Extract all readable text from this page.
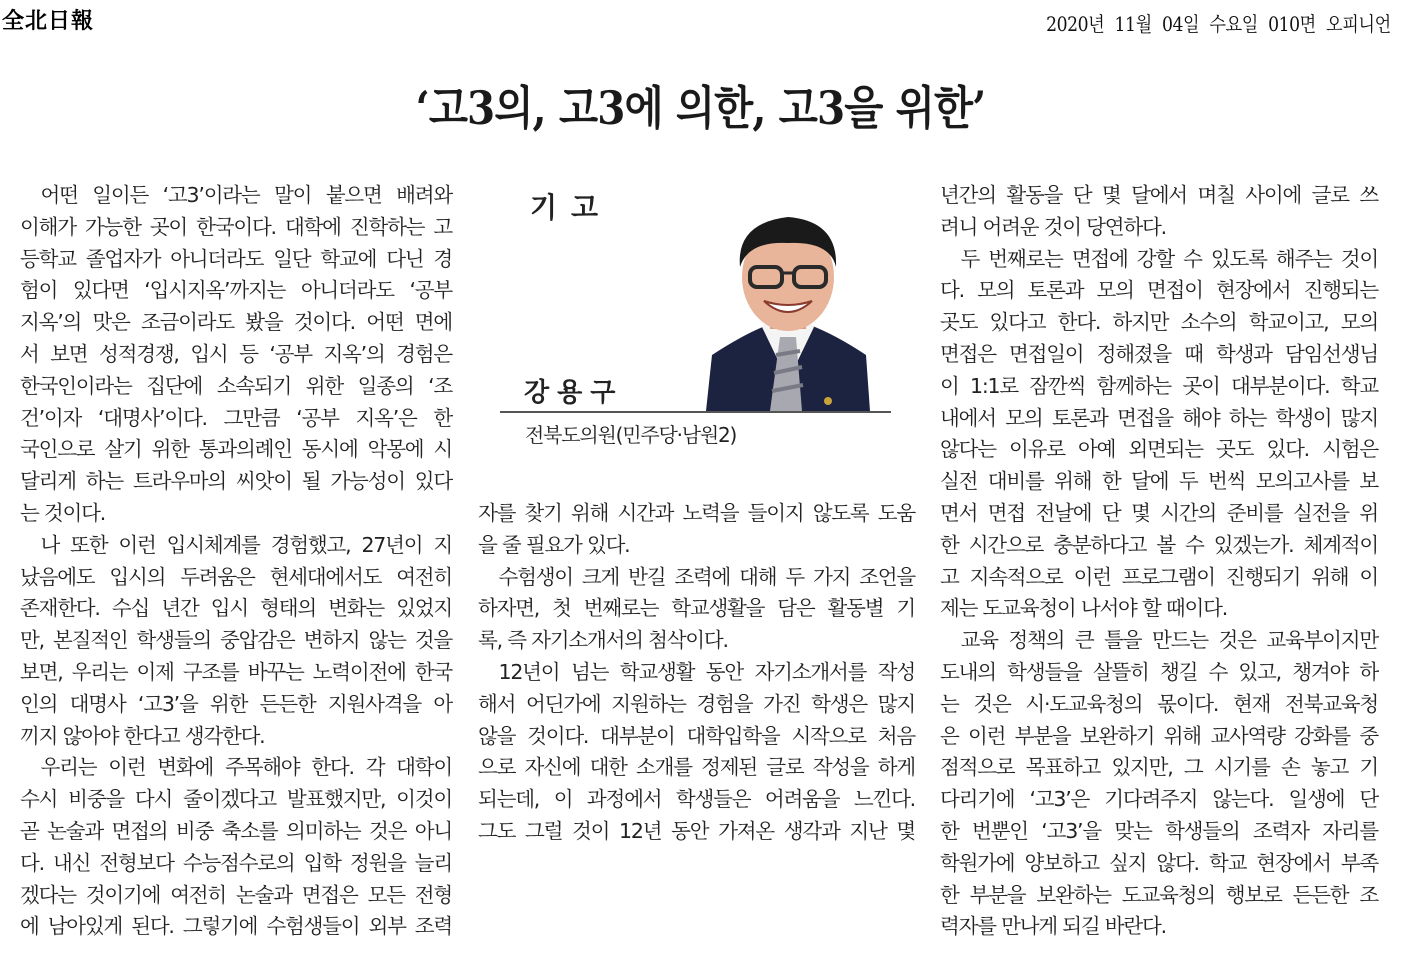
全北日報	2020년 11월 04일 수요일 010면 오피니언
‘고3의, 고3에 의한, 고3을 위한’
어떤 일이든 ‘고3’이라는 말이 붙으면 배려와
이해가 가능한 곳이 한국이다. 대학에 진학하는 고
등학교 졸업자가 아니더라도 일단 학교에 다닌 경
험이 있다면 ‘입시지옥’까지는 아니더라도 ‘공부
지옥’의 맛은 조금이라도 봤을 것이다. 어떤 면에
서 보면 성적경쟁, 입시 등 ‘공부 지옥’의 경험은
한국인이라는 집단에 소속되기 위한 일종의 ‘조
건’이자 ‘대명사’이다. 그만큼 ‘공부 지옥’은 한
국인으로 살기 위한 통과의례인 동시에 악몽에 시
달리게 하는 트라우마의 씨앗이 될 가능성이 있다
는 것이다.
나 또한 이런 입시체계를 경험했고, 27년이 지
났음에도 입시의 두려움은 현세대에서도 여전히
존재한다. 수십 년간 입시 형태의 변화는 있었지
만, 본질적인 학생들의 중압감은 변하지 않는 것을
보면, 우리는 이제 구조를 바꾸는 노력이전에 한국
인의 대명사 ‘고3’을 위한 든든한 지원사격을 아
끼지 않아야 한다고 생각한다.
우리는 이런 변화에 주목해야 한다. 각 대학이
수시 비중을 다시 줄이겠다고 발표했지만, 이것이
곧 논술과 면접의 비중 축소를 의미하는 것은 아니
다. 내신 전형보다 수능점수로의 입학 정원을 늘리
겠다는 것이기에 여전히 논술과 면접은 모든 전형
에 남아있게 된다. 그렇기에 수험생들이 외부 조력
기고
강용구
전북도의원(민주당·남원2)
자를 찾기 위해 시간과 노력을 들이지 않도록 도움
을 줄 필요가 있다.
수험생이 크게 반길 조력에 대해 두 가지 조언을
하자면, 첫 번째로는 학교생활을 담은 활동별 기
록, 즉 자기소개서의 첨삭이다.
12년이 넘는 학교생활 동안 자기소개서를 작성
해서 어딘가에 지원하는 경험을 가진 학생은 많지
않을 것이다. 대부분이 대학입학을 시작으로 처음
으로 자신에 대한 소개를 정제된 글로 작성을 하게
되는데, 이 과정에서 학생들은 어려움을 느낀다.
그도 그럴 것이 12년 동안 가져온 생각과 지난 몇
년간의 활동을 단 몇 달에서 며칠 사이에 글로 쓰
려니 어려운 것이 당연하다.
두 번째로는 면접에 강할 수 있도록 해주는 것이
다. 모의 토론과 모의 면접이 현장에서 진행되는
곳도 있다고 한다. 하지만 소수의 학교이고, 모의
면접은 면접일이 정해졌을 때 학생과 담임선생님
이 1:1로 잠깐씩 함께하는 곳이 대부분이다. 학교
내에서 모의 토론과 면접을 해야 하는 학생이 많지
않다는 이유로 아예 외면되는 곳도 있다. 시험은
실전 대비를 위해 한 달에 두 번씩 모의고사를 보
면서 면접 전날에 단 몇 시간의 준비를 실전을 위
한 시간으로 충분하다고 볼 수 있겠는가. 체계적이
고 지속적으로 이런 프로그램이 진행되기 위해 이
제는 도교육청이 나서야 할 때이다.
교육 정책의 큰 틀을 만드는 것은 교육부이지만
도내의 학생들을 살뜰히 챙길 수 있고, 챙겨야 하
는 것은 시·도교육청의 몫이다. 현재 전북교육청
은 이런 부분을 보완하기 위해 교사역량 강화를 중
점적으로 목표하고 있지만, 그 시기를 손 놓고 기
다리기에 ‘고3’은 기다려주지 않는다. 일생에 단
한 번뿐인 ‘고3’을 맞는 학생들의 조력자 자리를
학원가에 양보하고 싶지 않다. 학교 현장에서 부족
한 부분을 보완하는 도교육청의 행보로 든든한 조
력자를 만나게 되길 바란다.
